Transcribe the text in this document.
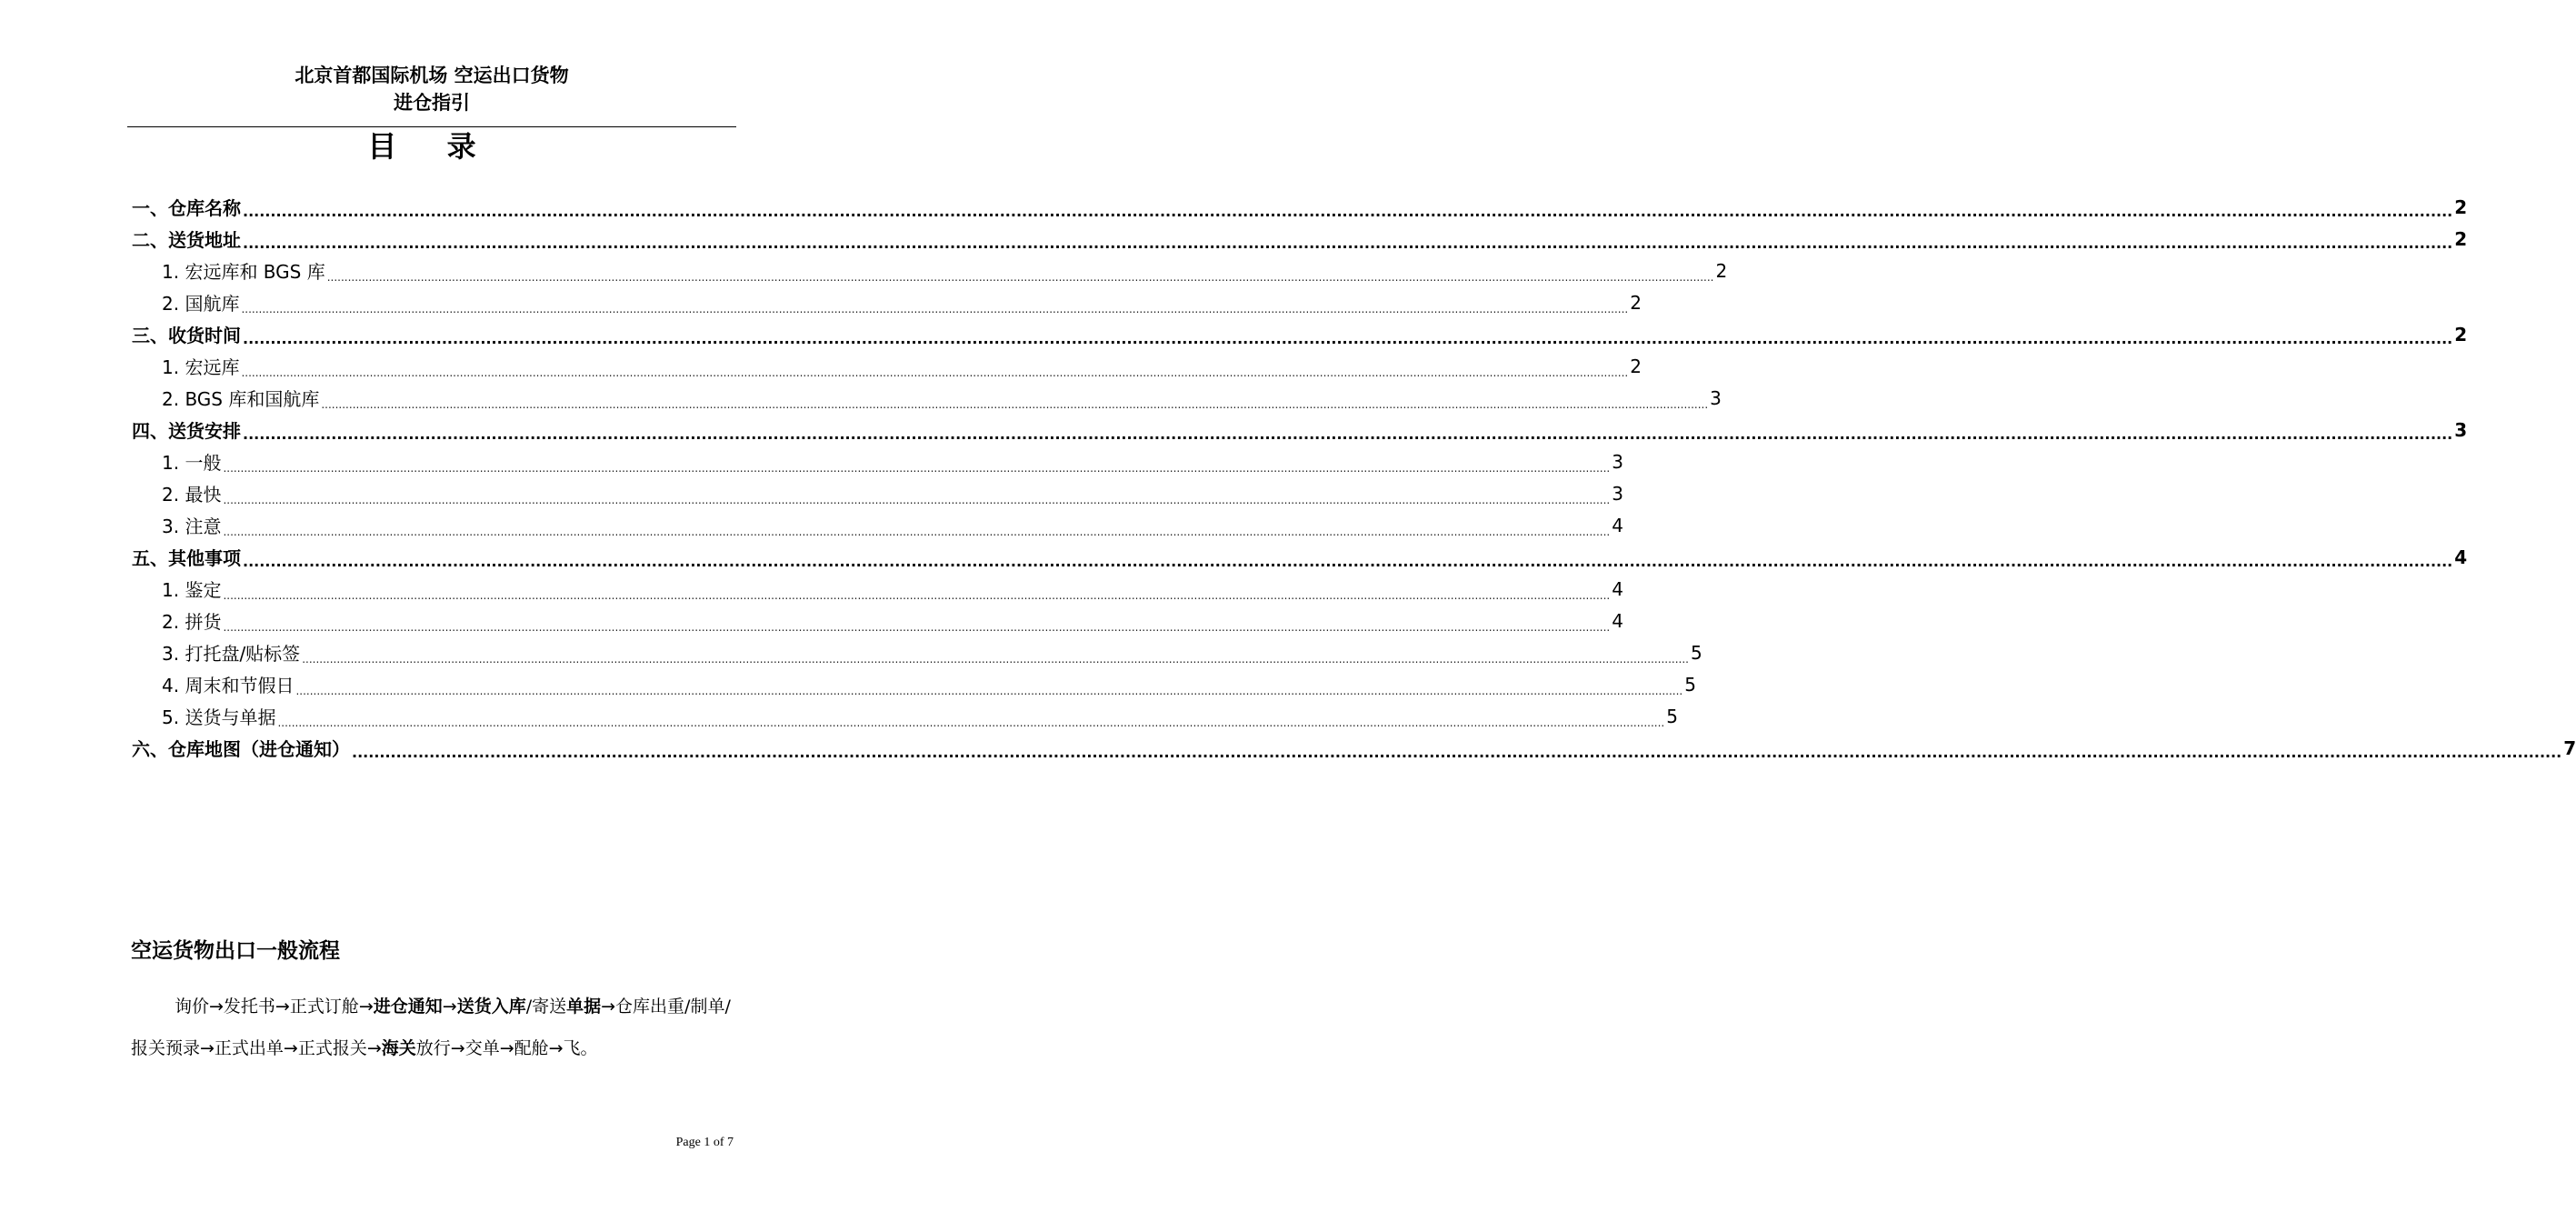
北京首都国际机场 空运出口货物
进仓指引
目 录
一、仓库名称 ................................................................................................................................................................................................................................................................................................................................................................................................................ 2
二、送货地址 ................................................................................................................................................................................................................................................................................................................................................................................................................ 2
1. 宏远库和 BGS 库 ................................................................................................................................................................................................................................................................................................................................................................................................................ 2
2. 国航库 ................................................................................................................................................................................................................................................................................................................................................................................................................ 2
三、收货时间 ................................................................................................................................................................................................................................................................................................................................................................................................................ 2
1. 宏远库 ................................................................................................................................................................................................................................................................................................................................................................................................................ 2
2. BGS 库和国航库 ................................................................................................................................................................................................................................................................................................................................................................................................................ 3
四、送货安排 ................................................................................................................................................................................................................................................................................................................................................................................................................ 3
1. 一般 ................................................................................................................................................................................................................................................................................................................................................................................................................ 3
2. 最快 ................................................................................................................................................................................................................................................................................................................................................................................................................ 3
3. 注意 ................................................................................................................................................................................................................................................................................................................................................................................................................ 4
五、其他事项 ................................................................................................................................................................................................................................................................................................................................................................................................................ 4
1. 鉴定 ................................................................................................................................................................................................................................................................................................................................................................................................................ 4
2. 拼货 ................................................................................................................................................................................................................................................................................................................................................................................................................ 4
3. 打托盘/贴标签 ................................................................................................................................................................................................................................................................................................................................................................................................................ 5
4. 周末和节假日 ................................................................................................................................................................................................................................................................................................................................................................................................................ 5
5. 送货与单据 ................................................................................................................................................................................................................................................................................................................................................................................................................ 5
六、仓库地图（进仓通知） ................................................................................................................................................................................................................................................................................................................................................................................................................ 7
空运货物出口一般流程
询价→发托书→正式订舱→进仓通知→送货入库/寄送单据→仓库出重/制单/报关预录→正式出单→正式报关→海关放行→交单→配舱→飞。
Page 1 of 7
